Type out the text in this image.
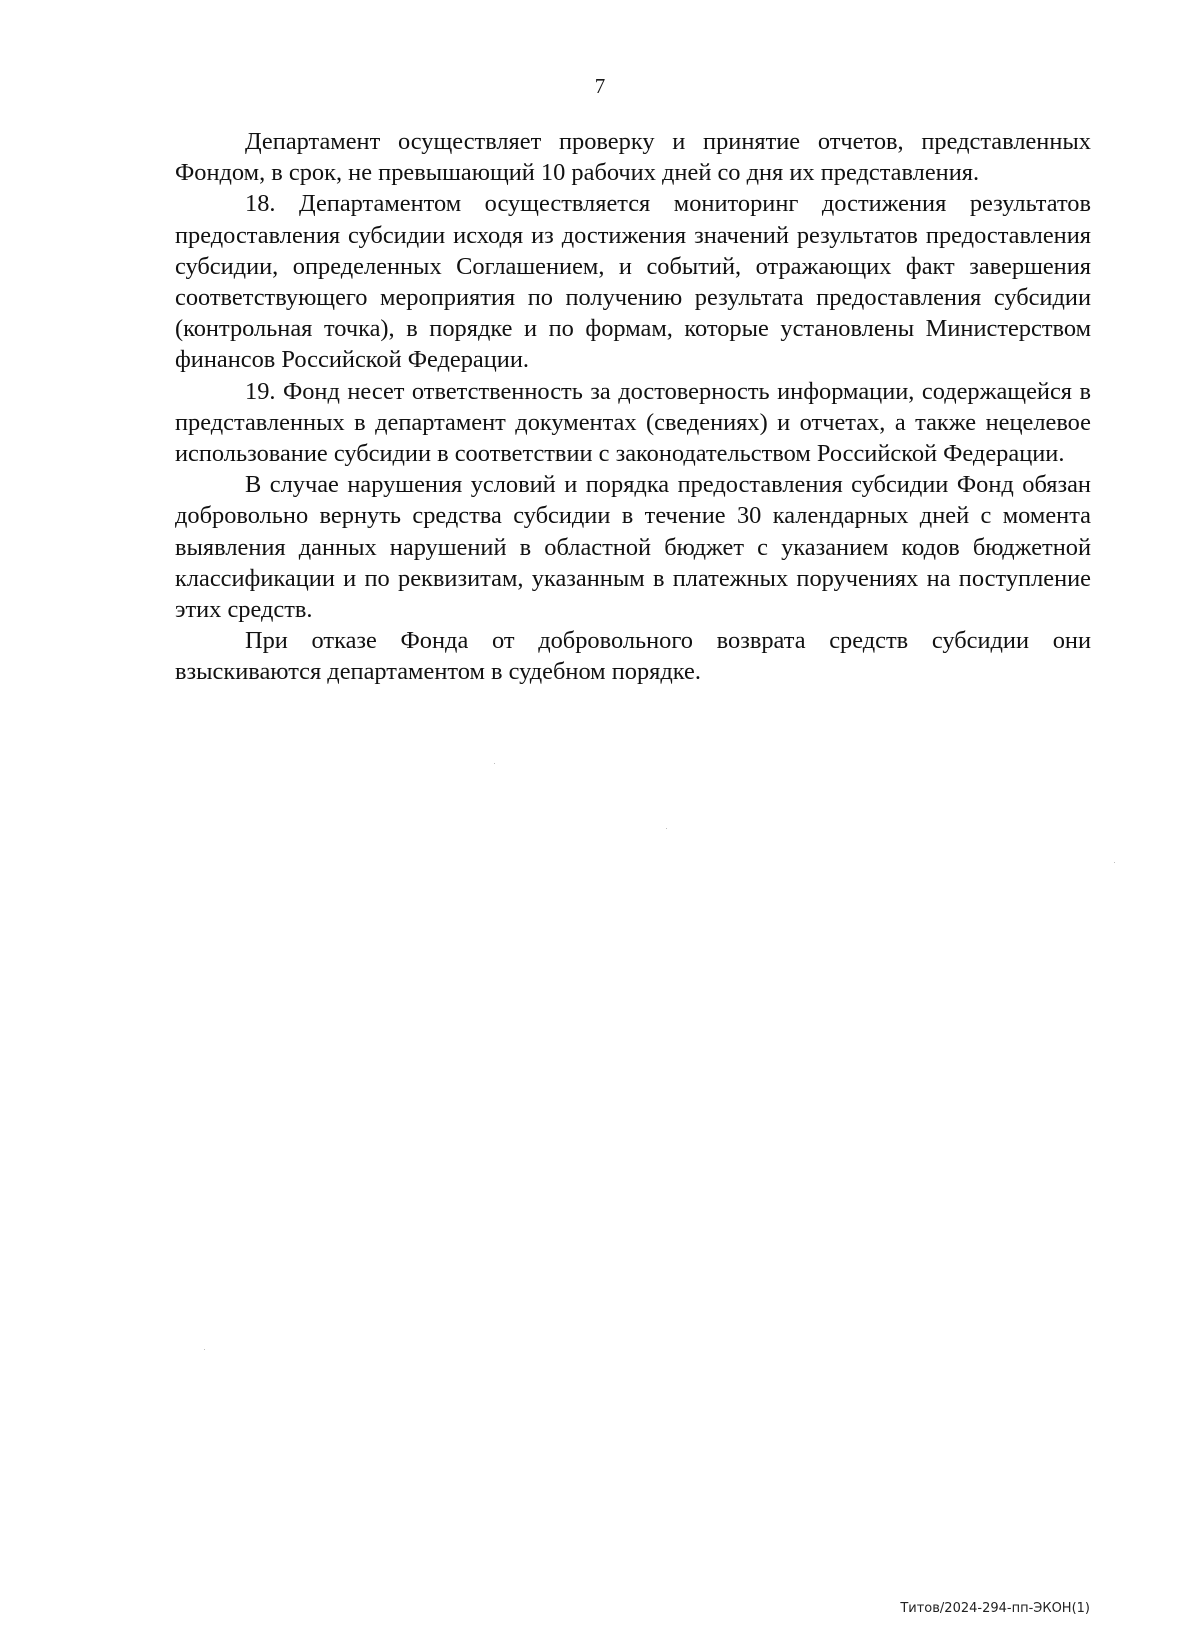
7

Департамент осуществляет проверку и принятие отчетов, представленных Фондом, в срок, не превышающий 10 рабочих дней со дня их представления.

18. Департаментом осуществляется мониторинг достижения результатов предоставления субсидии исходя из достижения значений результатов предоставления субсидии, определенных Соглашением, и событий, отражающих факт завершения соответствующего мероприятия по получению результата предоставления субсидии (контрольная точка), в порядке и по формам, которые установлены Министерством финансов Российской Федерации.

19. Фонд несет ответственность за достоверность информации, содержащейся в представленных в департамент документах (сведениях) и отчетах, а также нецелевое использование субсидии в соответствии с законодательством Российской Федерации.

В случае нарушения условий и порядка предоставления субсидии Фонд обязан добровольно вернуть средства субсидии в течение 30 календарных дней с момента выявления данных нарушений в областной бюджет с указанием кодов бюджетной классификации и по реквизитам, указанным в платежных поручениях на поступление этих средств.

При отказе Фонда от добровольного возврата средств субсидии они взыскиваются департаментом в судебном порядке.

Титов/2024-294-пп-ЭКОН(1)
